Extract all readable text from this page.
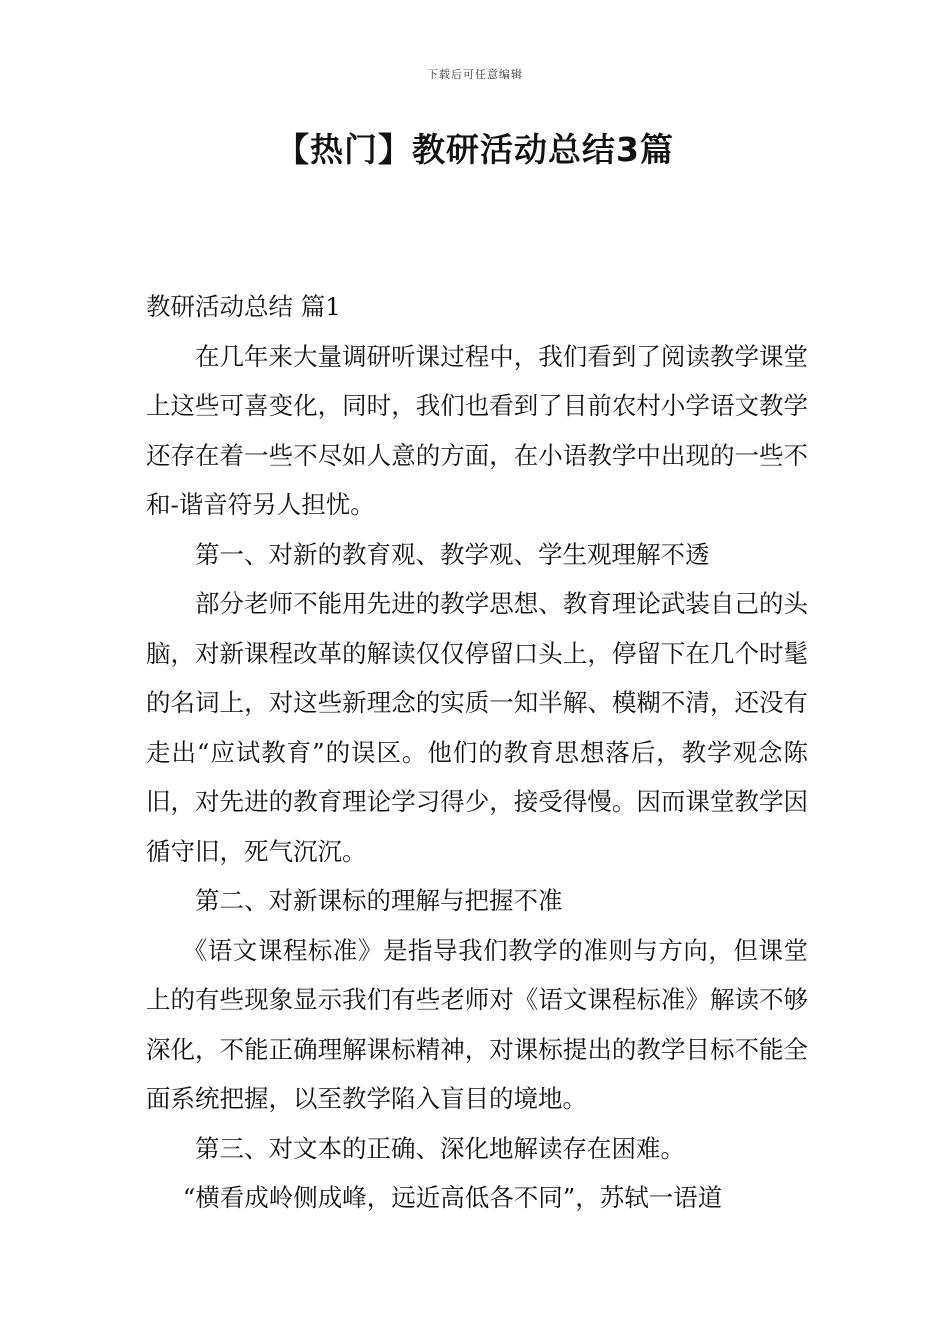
下载后可任意编辑
【热门】教研活动总结3篇

教研活动总结 篇1

在几年来大量调研听课过程中，我们看到了阅读教学课堂上这些可喜变化，同时，我们也看到了目前农村小学语文教学还存在着一些不尽如人意的方面，在小语教学中出现的一些不和-谐音符另人担忧。

第一、对新的教育观、教学观、学生观理解不透

部分老师不能用先进的教学思想、教育理论武装自己的头脑，对新课程改革的解读仅仅停留口头上，停留下在几个时髦的名词上，对这些新理念的实质一知半解、模糊不清，还没有走出“应试教育”的误区。他们的教育思想落后，教学观念陈旧，对先进的教育理论学习得少，接受得慢。因而课堂教学因循守旧，死气沉沉。

第二、对新课标的理解与把握不准

《语文课程标准》是指导我们教学的准则与方向，但课堂上的有些现象显示我们有些老师对《语文课程标准》解读不够深化，不能正确理解课标精神，对课标提出的教学目标不能全面系统把握，以至教学陷入盲目的境地。

第三、对文本的正确、深化地解读存在困难。

“横看成岭侧成峰，远近高低各不同”，苏轼一语道
